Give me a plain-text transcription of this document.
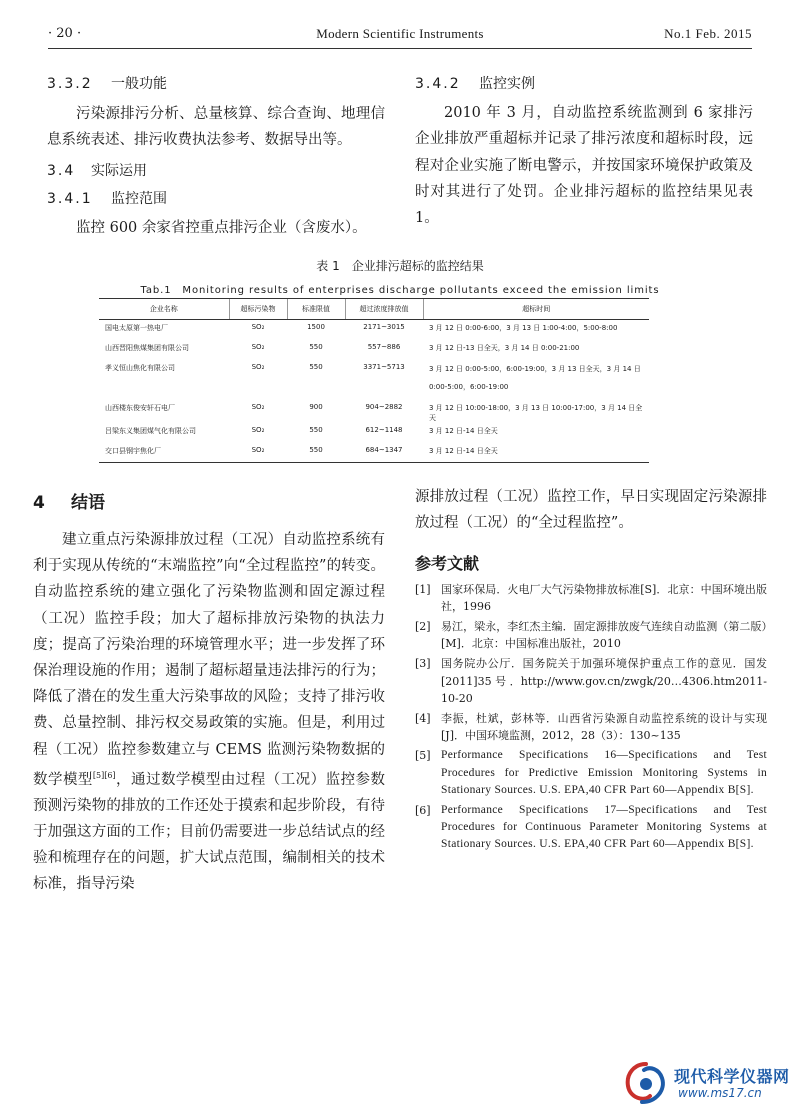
· 20 ·	Modern Scientific Instruments	No.1 Feb. 2015
3.3.2 一般功能

污染源排污分析、总量核算、综合查询、地理信息系统表述、排污收费执法参考、数据导出等。

3.4 实际运用
3.4.1 监控范围

监控 600 余家省控重点排污企业（含废水）。

3.4.2 监控实例

2010 年 3 月，自动监控系统监测到 6 家排污企业排放严重超标并记录了排污浓度和超标时段，远程对企业实施了断电警示，并按国家环境保护政策及时对其进行了处罚。企业排污超标的监控结果见表 1。

表 1　企业排污超标的监控结果
Tab.1　Monitoring results of enterprises discharge pollutants exceed the emission limits
企业名称	超标污染物	标准限值	超过浓度排放值	超标时间
国电太原第一热电厂	SO₂	1500	2171~3015	3 月 12 日 0:00-6:00，3 月 13 日 1:00-4:00，5:00-8:00
山西晋阳焦煤集团有限公司	SO₂	550	557~886	3 月 12 日-13 日全天，3 月 14 日 0:00-21:00
孝义恒山焦化有限公司	SO₂	550	3371~5713	3 月 12 日 0:00-5:00，6:00-19:00，3 月 13 日全天，3 月 14 日 0:00-5:00，6:00-19:00
山西楼东俊安轩石电厂	SO₂	900	904~2882	3 月 12 日 10:00-18:00，3 月 13 日 10:00-17:00，3 月 14 日全天
吕梁东义集团煤气化有限公司	SO₂	550	612~1148	3 月 12 日-14 日全天
交口县钢宇焦化厂	SO₂	550	684~1347	3 月 12 日-14 日全天
4 结语

建立重点污染源排放过程（工况）自动监控系统有利于实现从传统的“末端监控”向“全过程监控”的转变。自动监控系统的建立强化了污染物监测和固定源过程（工况）监控手段；加大了超标排放污染物的执法力度；提高了污染治理的环境管理水平；进一步发挥了环保治理设施的作用；遏制了超标超量违法排污的行为；降低了潜在的发生重大污染事故的风险；支持了排污收费、总量控制、排污权交易政策的实施。但是，利用过程（工况）监控参数建立与 CEMS 监测污染物数据的数学模型[5][6]，通过数学模型由过程（工况）监控参数预测污染物的排放的工作还处于摸索和起步阶段，有待于加强这方面的工作；目前仍需要进一步总结试点的经验和梳理存在的问题，扩大试点范围，编制相关的技术标准，指导污染

源排放过程（工况）监控工作，早日实现固定污染源排放过程（工况）的“全过程监控”。

参考文献
[1] 国家环保局．火电厂大气污染物排放标准[S]．北京：中国环境出版社，1996
[2] 易江，梁永，李红杰主编．固定源排放废气连续自动监测（第二版）[M]．北京：中国标准出版社，2010
[3] 国务院办公厅．国务院关于加强环境保护重点工作的意见．国发 [2011]35 号 ．http://www.gov.cn/zwgk/20…4306.htm2011-10-20
[4] 李振，杜斌，彭林等．山西省污染源自动监控系统的设计与实现[J]．中国环境监测，2012，28（3）：130~135
[5] Performance Specifications 16—Specifications and Test Procedures for Predictive Emission Monitoring Systems in Stationary Sources. U.S. EPA,40 CFR Part 60—Appendix B[S].
[6] Performance Specifications 17—Specifications and Test Procedures for Continuous Parameter Monitoring Systems at Stationary Sources. U.S. EPA,40 CFR Part 60—Appendix B[S].
现代科学仪器网
www.ms17.cn
